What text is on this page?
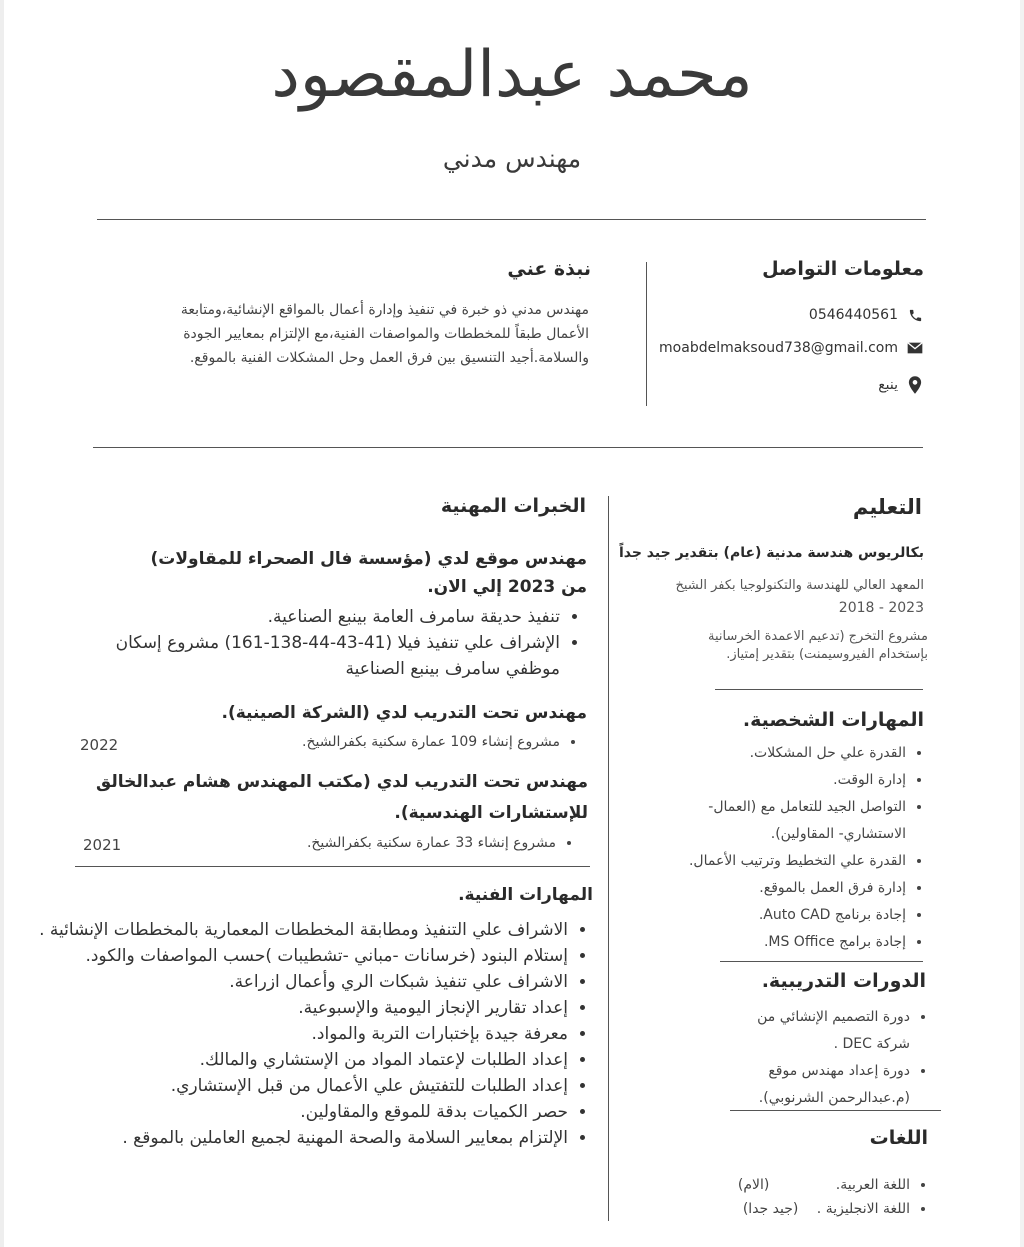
محمد عبدالمقصود
مهندس مدني
معلومات التواصل
0546440561
moabdelmaksoud738@gmail.com
ينبع
نبذة عني
مهندس مدني ذو خبرة في تنفيذ وإدارة أعمال بالمواقع الإنشائية،ومتابعة
الأعمال طبقاً للمخططات والمواصفات الفنية،مع الإلتزام بمعايير الجودة
والسلامة.أجيد التنسيق بين فرق العمل وحل المشكلات الفنية بالموقع.
التعليم
بكالريوس هندسة مدنية (عام) بتقدير جيد جداً
المعهد العالي للهندسة والتكنولوجيا بكفر الشيخ
2018 - 2023
مشروع التخرج (تدعيم الاعمدة الخرسانية
بإستخدام الفيروسيمنت) بتقدير إمتياز.
المهارات الشخصية.
• القدرة علي حل المشكلات.
• إدارة الوقت.
• التواصل الجيد للتعامل مع (العمال-
الاستشاري- المقاولين).
• القدرة علي التخطيط وترتيب الأعمال.
• إدارة فرق العمل بالموقع.
• إجادة برنامج Auto CAD.
• إجادة برامج MS Office.
الدورات التدريبية.
• دورة التصميم الإنشائي من
شركة DEC .
• دورة إعداد مهندس موقع
(م.عبدالرحمن الشرنوبي).
اللغات
• اللغة العربية. (الام)
• اللغة الانجليزية . (جيد جدا)
الخبرات المهنية
مهندس موقع لدي (مؤسسة فال الصحراء للمقاولات)
من 2023 إلي الان.
• تنفيذ حديقة سامرف العامة بينبع الصناعية.
• الإشراف علي تنفيذ فيلا (41-43-44-138-161) مشروع إسكان موظفي سامرف بينبع الصناعية
مهندس تحت التدريب لدي (الشركة الصينية).
• مشروع إنشاء 109 عمارة سكنية بكفرالشيخ.
2022
مهندس تحت التدريب لدي (مكتب المهندس هشام عبدالخالق
للإستشارات الهندسية).
• مشروع إنشاء 33 عمارة سكنية بكفرالشيخ.
2021
المهارات الفنية.
• الاشراف علي التنفيذ ومطابقة المخططات المعمارية بالمخططات الإنشائية .
• إستلام البنود (خرسانات -مباني -تشطيبات )حسب المواصفات والكود.
• الاشراف علي تنفيذ شبكات الري وأعمال ازراعة.
• إعداد تقارير الإنجاز اليومية والإسبوعية.
• معرفة جيدة بإختبارات التربة والمواد.
• إعداد الطلبات لإعتماد المواد من الإستشاري والمالك.
• إعداد الطلبات للتفتيش علي الأعمال من قبل الإستشاري.
• حصر الكميات بدقة للموقع والمقاولين.
• الإلتزام بمعايير السلامة والصحة المهنية لجميع العاملين بالموقع .
